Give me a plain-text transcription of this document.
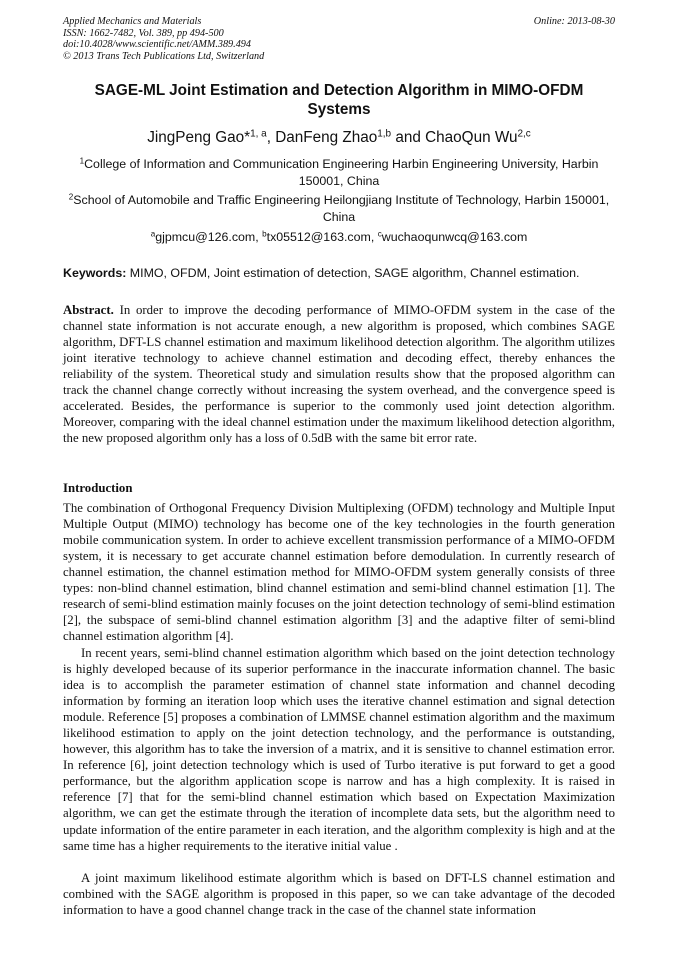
Applied Mechanics and Materials
ISSN: 1662-7482, Vol. 389, pp 494-500
doi:10.4028/www.scientific.net/AMM.389.494
© 2013 Trans Tech Publications Ltd, Switzerland
Online: 2013-08-30
SAGE-ML Joint Estimation and Detection Algorithm in MIMO-OFDM Systems
JingPeng Gao*$^{1, a}$, DanFeng Zhao$^{1,b}$ and ChaoQun Wu$^{2,c}$
$^1$College of Information and Communication Engineering Harbin Engineering University, Harbin 150001, China
$^2$School of Automobile and Traffic Engineering Heilongjiang Institute of Technology, Harbin 150001, China
$^a$gjpmcu@126.com, $^b$tx05512@163.com, $^c$wuchaoqunwcq@163.com
Keywords: MIMO, OFDM, Joint estimation of detection, SAGE algorithm, Channel estimation.
Abstract. In order to improve the decoding performance of MIMO-OFDM system in the case of the channel state information is not accurate enough, a new algorithm is proposed, which combines SAGE algorithm, DFT-LS channel estimation and maximum likelihood detection algorithm. The algorithm utilizes joint iterative technology to achieve channel estimation and decoding effect, thereby enhances the reliability of the system. Theoretical study and simulation results show that the proposed algorithm can track the channel change correctly without increasing the system overhead, and the convergence speed is accelerated. Besides, the performance is superior to the commonly used joint detection algorithm. Moreover, comparing with the ideal channel estimation under the maximum likelihood detection algorithm, the new proposed algorithm only has a loss of 0.5dB with the same bit error rate.
Introduction
The combination of Orthogonal Frequency Division Multiplexing (OFDM) technology and Multiple Input Multiple Output (MIMO) technology has become one of the key technologies in the fourth generation mobile communication system. In order to achieve excellent transmission performance of a MIMO-OFDM system, it is necessary to get accurate channel estimation before demodulation. In currently research of channel estimation, the channel estimation method for MIMO-OFDM system generally consists of three types: non-blind channel estimation, blind channel estimation and semi-blind channel estimation [1]. The research of semi-blind estimation mainly focuses on the joint detection technology of semi-blind estimation [2], the subspace of semi-blind channel estimation algorithm [3] and the adaptive filter of semi-blind channel estimation algorithm [4].
In recent years, semi-blind channel estimation algorithm which based on the joint detection technology is highly developed because of its superior performance in the inaccurate information channel. The basic idea is to accomplish the parameter estimation of channel state information and channel decoding information by forming an iteration loop which uses the iterative channel estimation and signal detection module. Reference [5] proposes a combination of LMMSE channel estimation algorithm and the maximum likelihood estimation to apply on the joint detection technology, and the performance is outstanding, however, this algorithm has to take the inversion of a matrix, and it is sensitive to channel estimation error. In reference [6], joint detection technology which is used of Turbo iterative is put forward to get a good performance, but the algorithm application scope is narrow and has a high complexity. It is raised in reference [7] that for the semi-blind channel estimation which based on Expectation Maximization algorithm, we can get the estimate through the iteration of incomplete data sets, but the algorithm need to update information of the entire parameter in each iteration, and the algorithm complexity is high and at the same time has a higher requirements to the iterative initial value .
A joint maximum likelihood estimate algorithm which is based on DFT-LS channel estimation and combined with the SAGE algorithm is proposed in this paper, so we can take advantage of the decoded information to have a good channel change track in the case of the channel state information
